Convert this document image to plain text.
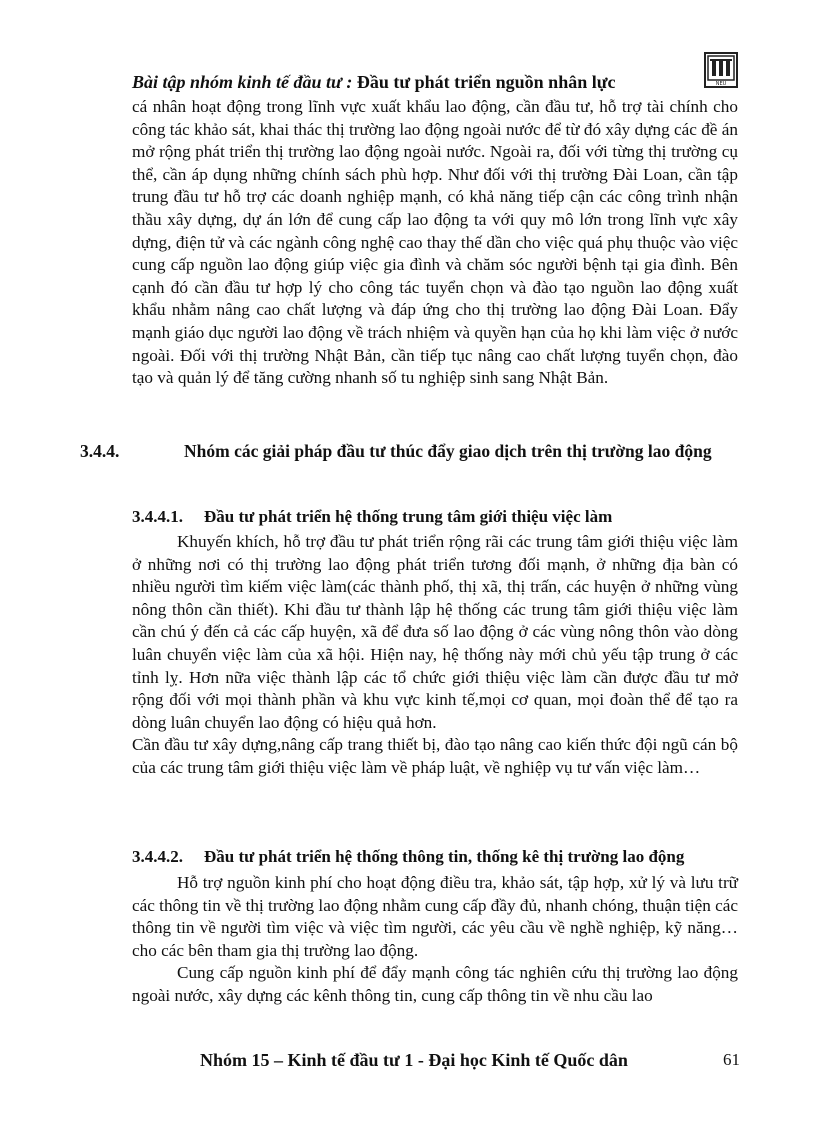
Bài tập nhóm kinh tế đầu tư : Đầu tư phát triển nguồn nhân lực	NEU

cá nhân hoạt động trong lĩnh vực xuất khẩu lao động, cần đầu tư, hỗ trợ tài chính cho công tác khảo sát, khai thác thị trường lao động ngoài nước để từ đó xây dựng các đề án mở rộng phát triển thị trường lao động ngoài nước. Ngoài ra, đối với từng thị trường cụ thể, cần áp dụng những chính sách phù hợp. Như đối với thị trường Đài Loan, cần tập trung đầu tư hỗ trợ các doanh nghiệp mạnh, có khả năng tiếp cận các công trình nhận thầu xây dựng, dự án lớn để cung cấp lao động ta với quy mô lớn trong lĩnh vực xây dựng, điện tử và các ngành công nghệ cao thay thế dần cho việc quá phụ thuộc vào việc cung cấp nguồn lao động giúp việc gia đình và chăm sóc người bệnh tại gia đình. Bên cạnh đó cần đầu tư hợp lý cho công tác tuyển chọn và đào tạo nguồn lao động xuất khẩu nhằm nâng cao chất lượng và đáp ứng cho thị trường lao động Đài Loan. Đẩy mạnh giáo dục người lao động về trách nhiệm và quyền hạn của họ khi làm việc ở nước ngoài. Đối với thị trường Nhật Bản, cần tiếp tục nâng cao chất lượng tuyển chọn, đào tạo và quản lý để tăng cường nhanh số tu nghiệp sinh sang Nhật Bản.

3.4.4.	Nhóm các giải pháp đầu tư thúc đẩy giao dịch trên thị trường lao động
3.4.4.1. Đầu tư phát triển hệ thống trung tâm giới thiệu việc làm

Khuyến khích, hỗ trợ đầu tư phát triển rộng rãi các trung tâm giới thiệu việc làm ở những nơi có thị trường lao động phát triển tương đối mạnh, ở những địa bàn có nhiều người tìm kiếm việc làm(các thành phố, thị xã, thị trấn, các huyện ở những vùng nông thôn cần thiết). Khi đầu tư thành lập hệ thống các trung tâm giới thiệu việc làm cần chú ý đến cả các cấp huyện, xã để đưa số lao động ở các vùng nông thôn vào dòng luân chuyển việc làm của xã hội. Hiện nay, hệ thống này mới chủ yếu tập trung ở các tỉnh lỵ. Hơn nữa việc thành lập các tổ chức giới thiệu việc làm cần được đầu tư mở rộng đối với mọi thành phần và khu vực kinh tế,mọi cơ quan, mọi đoàn thể để tạo ra dòng luân chuyển lao động có hiệu quả hơn.

Cần đầu tư xây dựng,nâng cấp trang thiết bị, đào tạo nâng cao kiến thức đội ngũ cán bộ của các trung tâm giới thiệu việc làm về pháp luật, về nghiệp vụ tư vấn việc làm…

3.4.4.2. Đầu tư phát triển hệ thống thông tin, thống kê thị trường lao động

Hỗ trợ nguồn kinh phí cho hoạt động điều tra, khảo sát, tập hợp, xử lý và lưu trữ các thông tin về thị trường lao động nhằm cung cấp đầy đủ, nhanh chóng, thuận tiện các thông tin về người tìm việc và việc tìm người, các yêu cầu về nghề nghiệp, kỹ năng…cho các bên tham gia thị trường lao động.

Cung cấp nguồn kinh phí để đẩy mạnh công tác nghiên cứu thị trường lao động ngoài nước, xây dựng các kênh thông tin, cung cấp thông tin về nhu cầu lao

Nhóm 15 – Kinh tế đầu tư 1 - Đại học Kinh tế Quốc dân	61
